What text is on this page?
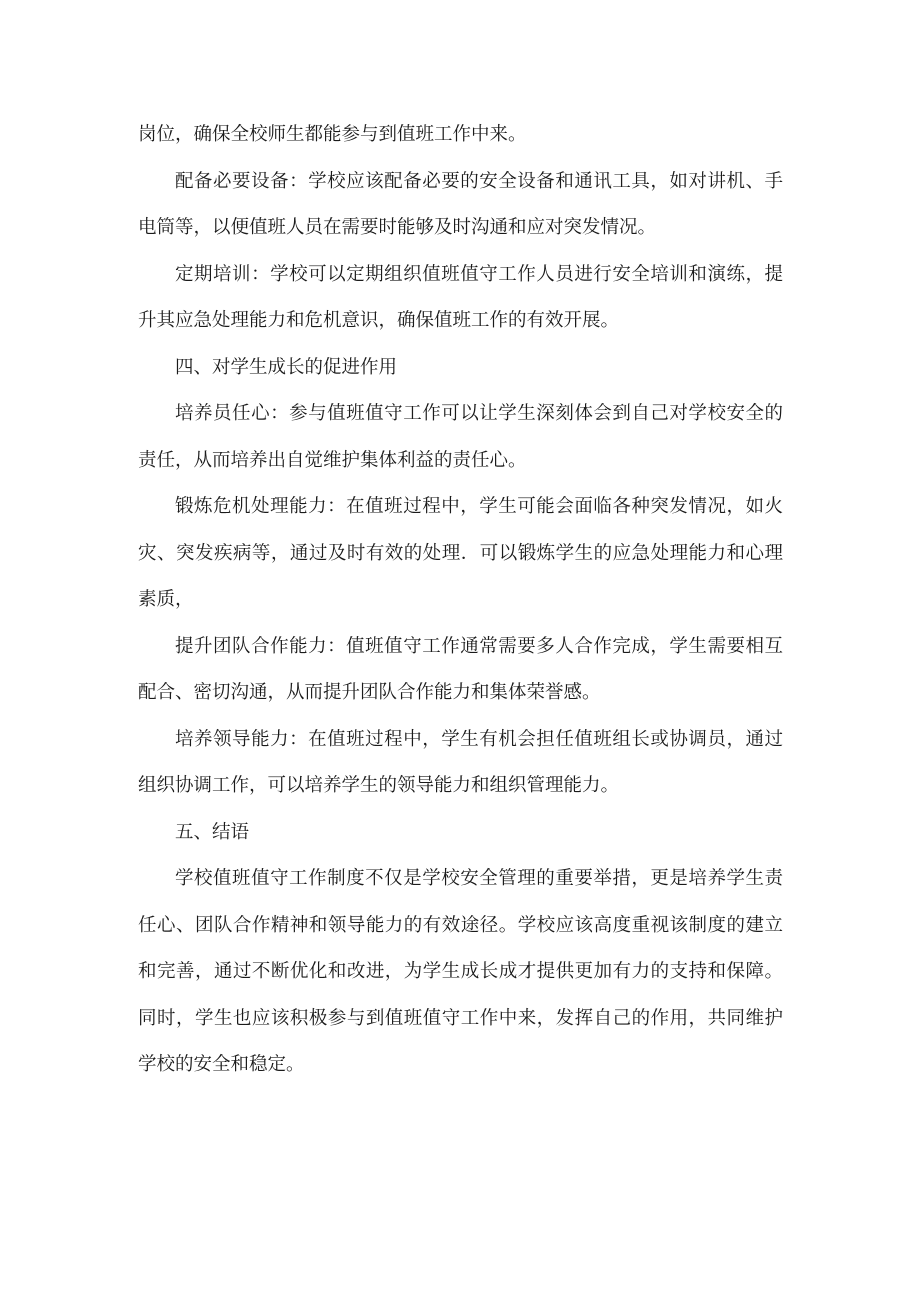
岗位，确保全校师生都能参与到值班工作中来。

配备必要设备：学校应该配备必要的安全设备和通讯工具，如对讲机、手电筒等，以便值班人员在需要时能够及时沟通和应对突发情况。

定期培训：学校可以定期组织值班值守工作人员进行安全培训和演练，提升其应急处理能力和危机意识，确保值班工作的有效开展。

四、对学生成长的促进作用

培养员任心：参与值班值守工作可以让学生深刻体会到自己对学校安全的责任，从而培养出自觉维护集体利益的责任心。

锻炼危机处理能力：在值班过程中，学生可能会面临各种突发情况，如火灾、突发疾病等，通过及时有效的处理．可以锻炼学生的应急处理能力和心理素质，

提升团队合作能力：值班值守工作通常需要多人合作完成，学生需要相互配合、密切沟通，从而提升团队合作能力和集体荣誉感。

培养领导能力：在值班过程中，学生有机会担任值班组长或协调员，通过组织协调工作，可以培养学生的领导能力和组织管理能力。

五、结语

学校值班值守工作制度不仅是学校安全管理的重要举措，更是培养学生责任心、团队合作精神和领导能力的有效途径。学校应该高度重视该制度的建立和完善，通过不断优化和改进，为学生成长成才提供更加有力的支持和保障。同时，学生也应该积极参与到值班值守工作中来，发挥自己的作用，共同维护学校的安全和稳定。
